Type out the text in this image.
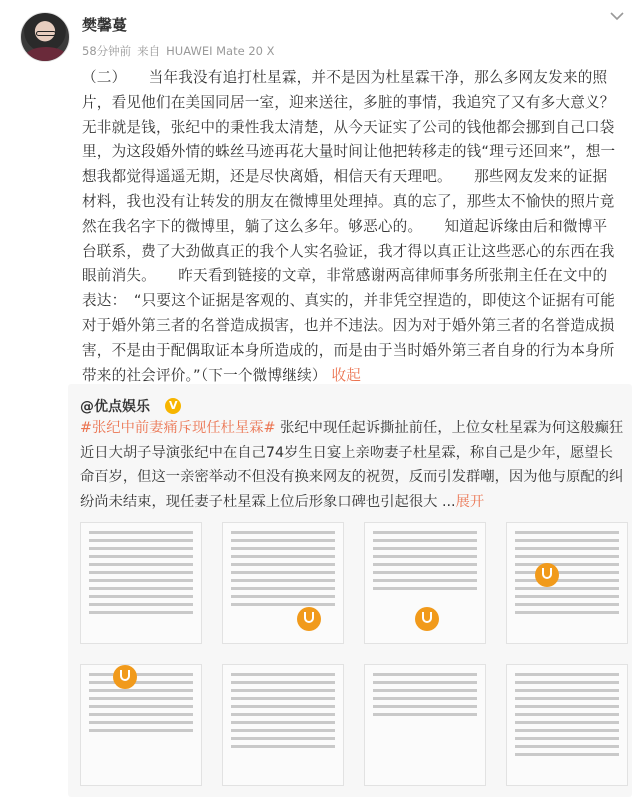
樊馨蔓
58分钟前 来自 HUAWEI Mate 20 X
（二）　　当年我没有追打杜星霖，并不是因为杜星霖干净，那么多网友发来的照片，看见他们在美国同居一室，迎来送往，多脏的事情，我追究了又有多大意义？无非就是钱，张纪中的秉性我太清楚，从今天证实了公司的钱他都会挪到自己口袋里，为这段婚外情的蛛丝马迹再花大量时间让他把转移走的钱“理亏还回来”，想一想我都觉得遥遥无期，还是尽快离婚，相信天有天理吧。　　那些网友发来的证据材料，我也没有让转发的朋友在微博里处理掉。真的忘了，那些太不愉快的照片竟然在我名字下的微博里，躺了这么多年。够恶心的。　　知道起诉缘由后和微博平台联系，费了大劲做真正的我个人实名验证，我才得以真正让这些恶心的东西在我眼前消失。　　昨天看到链接的文章，非常感谢两高律师事务所张荆主任在文中的表达：　“只要这个证据是客观的、真实的，并非凭空捏造的，即使这个证据有可能对于婚外第三者的名誉造成损害，也并不违法。因为对于婚外第三者的名誉造成损害，不是由于配偶取证本身所造成的，而是由于当时婚外第三者自身的行为本身所带来的社会评价。”（下一个微博继续） 收起
@优点娱乐
V
#张纪中前妻痛斥现任杜星霖# 张纪中现任起诉撕扯前任，上位女杜星霖为何这般癫狂 近日大胡子导演张纪中在自己74岁生日宴上亲吻妻子杜星霖，称自己是少年，愿望长命百岁，但这一亲密举动不但没有换来网友的祝贺，反而引发群嘲，因为他与原配的纠纷尚未结束，现任妻子杜星霖上位后形象口碑也引起很大 ...展开
